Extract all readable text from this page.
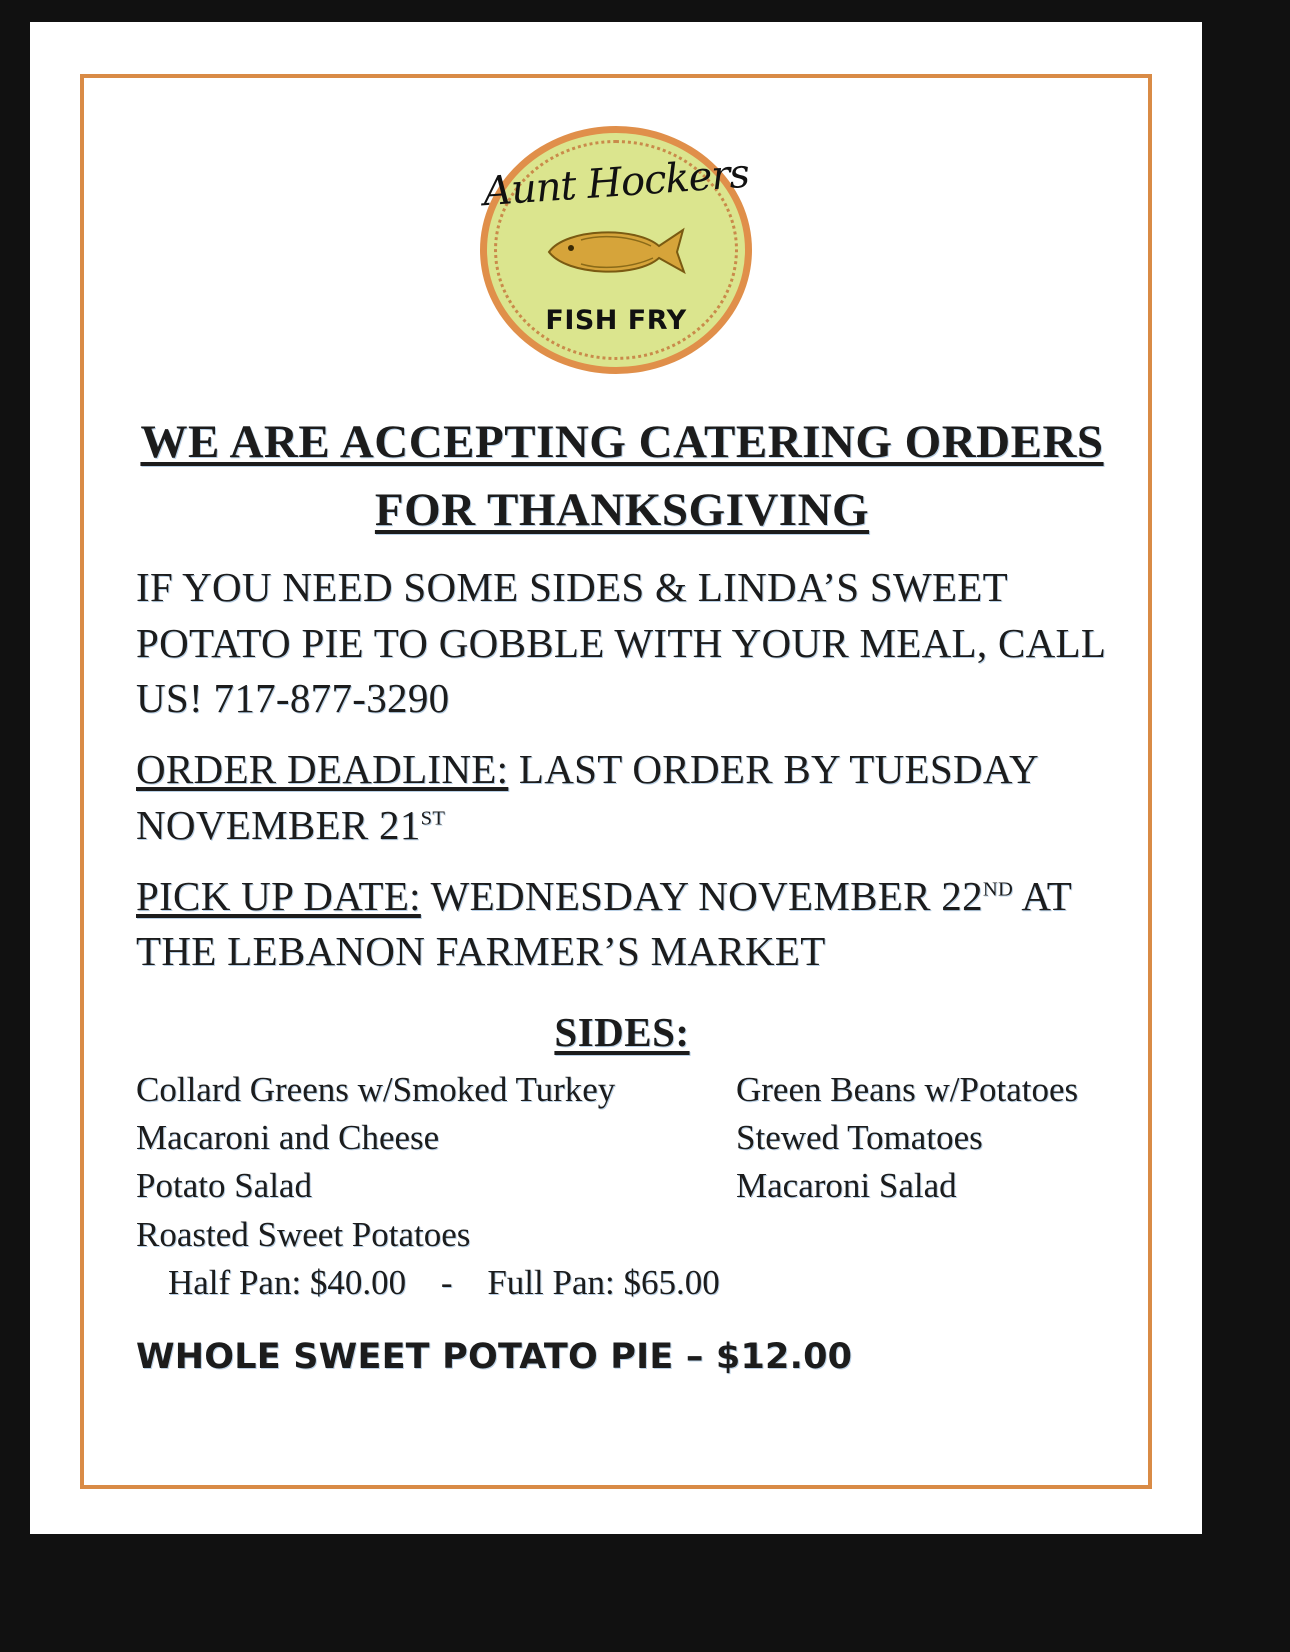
Aunt Hockers
FISH FRY
WE ARE ACCEPTING CATERING ORDERS FOR THANKSGIVING

IF YOU NEED SOME SIDES & LINDA’S SWEET POTATO PIE TO GOBBLE WITH YOUR MEAL, CALL US! 717-877-3290

ORDER DEADLINE: LAST ORDER BY TUESDAY NOVEMBER 21ST

PICK UP DATE: WEDNESDAY NOVEMBER 22ND AT THE LEBANON FARMER’S MARKET

SIDES:
Collard Greens w/Smoked Turkey
Macaroni and Cheese
Potato Salad
Roasted Sweet Potatoes
Green Beans w/Potatoes
Stewed Tomatoes
Macaroni Salad
Half Pan: $40.00 - Full Pan: $65.00
WHOLE SWEET POTATO PIE – $12.00
